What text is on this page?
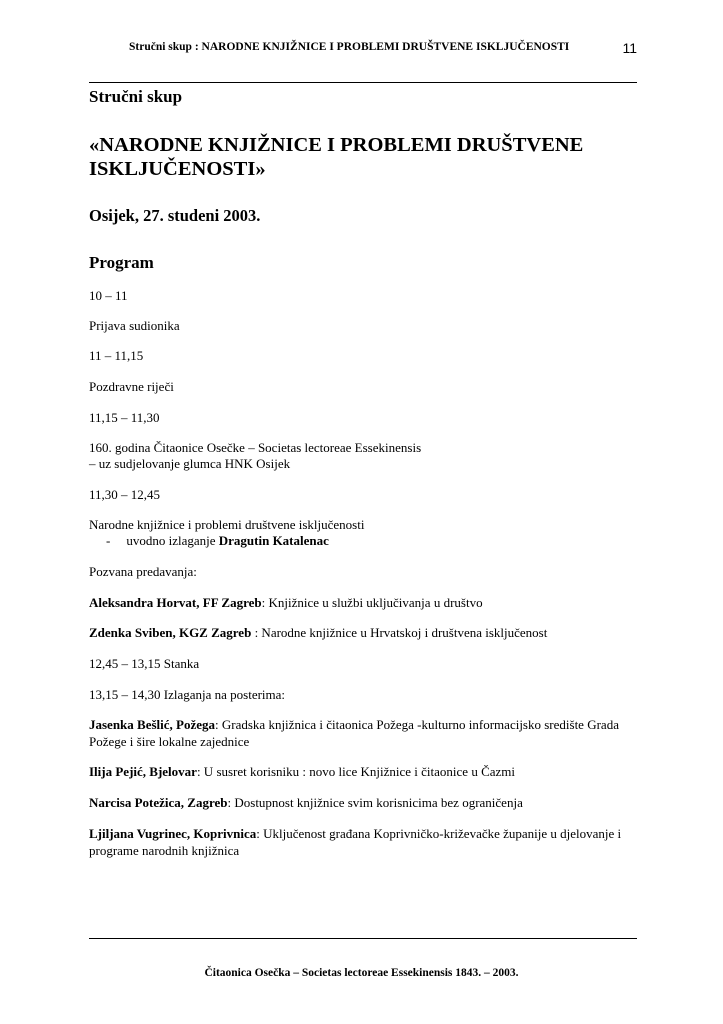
Stručni skup : NARODNE KNJIŽNICE I PROBLEMI DRUŠTVENE ISKLJUČENOSTI	11
Stručni skup
«NARODNE KNJIŽNICE I PROBLEMI DRUŠTVENE
ISKLJUČENOSTI»
Osijek, 27. studeni 2003.
Program
10 – 11
Prijava sudionika
11 – 11,15
Pozdravne riječi
11,15 – 11,30
160. godina Čitaonice Osečke – Societas lectoreae Essekinensis
– uz sudjelovanje glumca HNK Osijek
11,30 – 12,45
Narodne knjižnice i problemi društvene isključenosti
- uvodno izlaganje Dragutin Katalenac
Pozvana predavanja:
Aleksandra Horvat, FF Zagreb: Knjižnice u službi uključivanja u društvo
Zdenka Sviben, KGZ Zagreb : Narodne knjižnice u Hrvatskoj i društvena isključenost
12,45 – 13,15 Stanka
13,15 – 14,30 Izlaganja na posterima:
Jasenka Bešlić, Požega: Gradska knjižnica i čitaonica Požega -kulturno informacijsko središte Grada
Požege i šire lokalne zajednice
Ilija Pejić, Bjelovar: U susret korisniku : novo lice Knjižnice i čitaonice u Čazmi
Narcisa Potežica, Zagreb: Dostupnost knjižnice svim korisnicima bez ograničenja
Ljiljana Vugrinec, Koprivnica: Uključenost građana Koprivničko-križevačke županije u djelovanje i
programe narodnih knjižnica
Čitaonica Osečka – Societas lectoreae Essekinensis 1843. – 2003.
